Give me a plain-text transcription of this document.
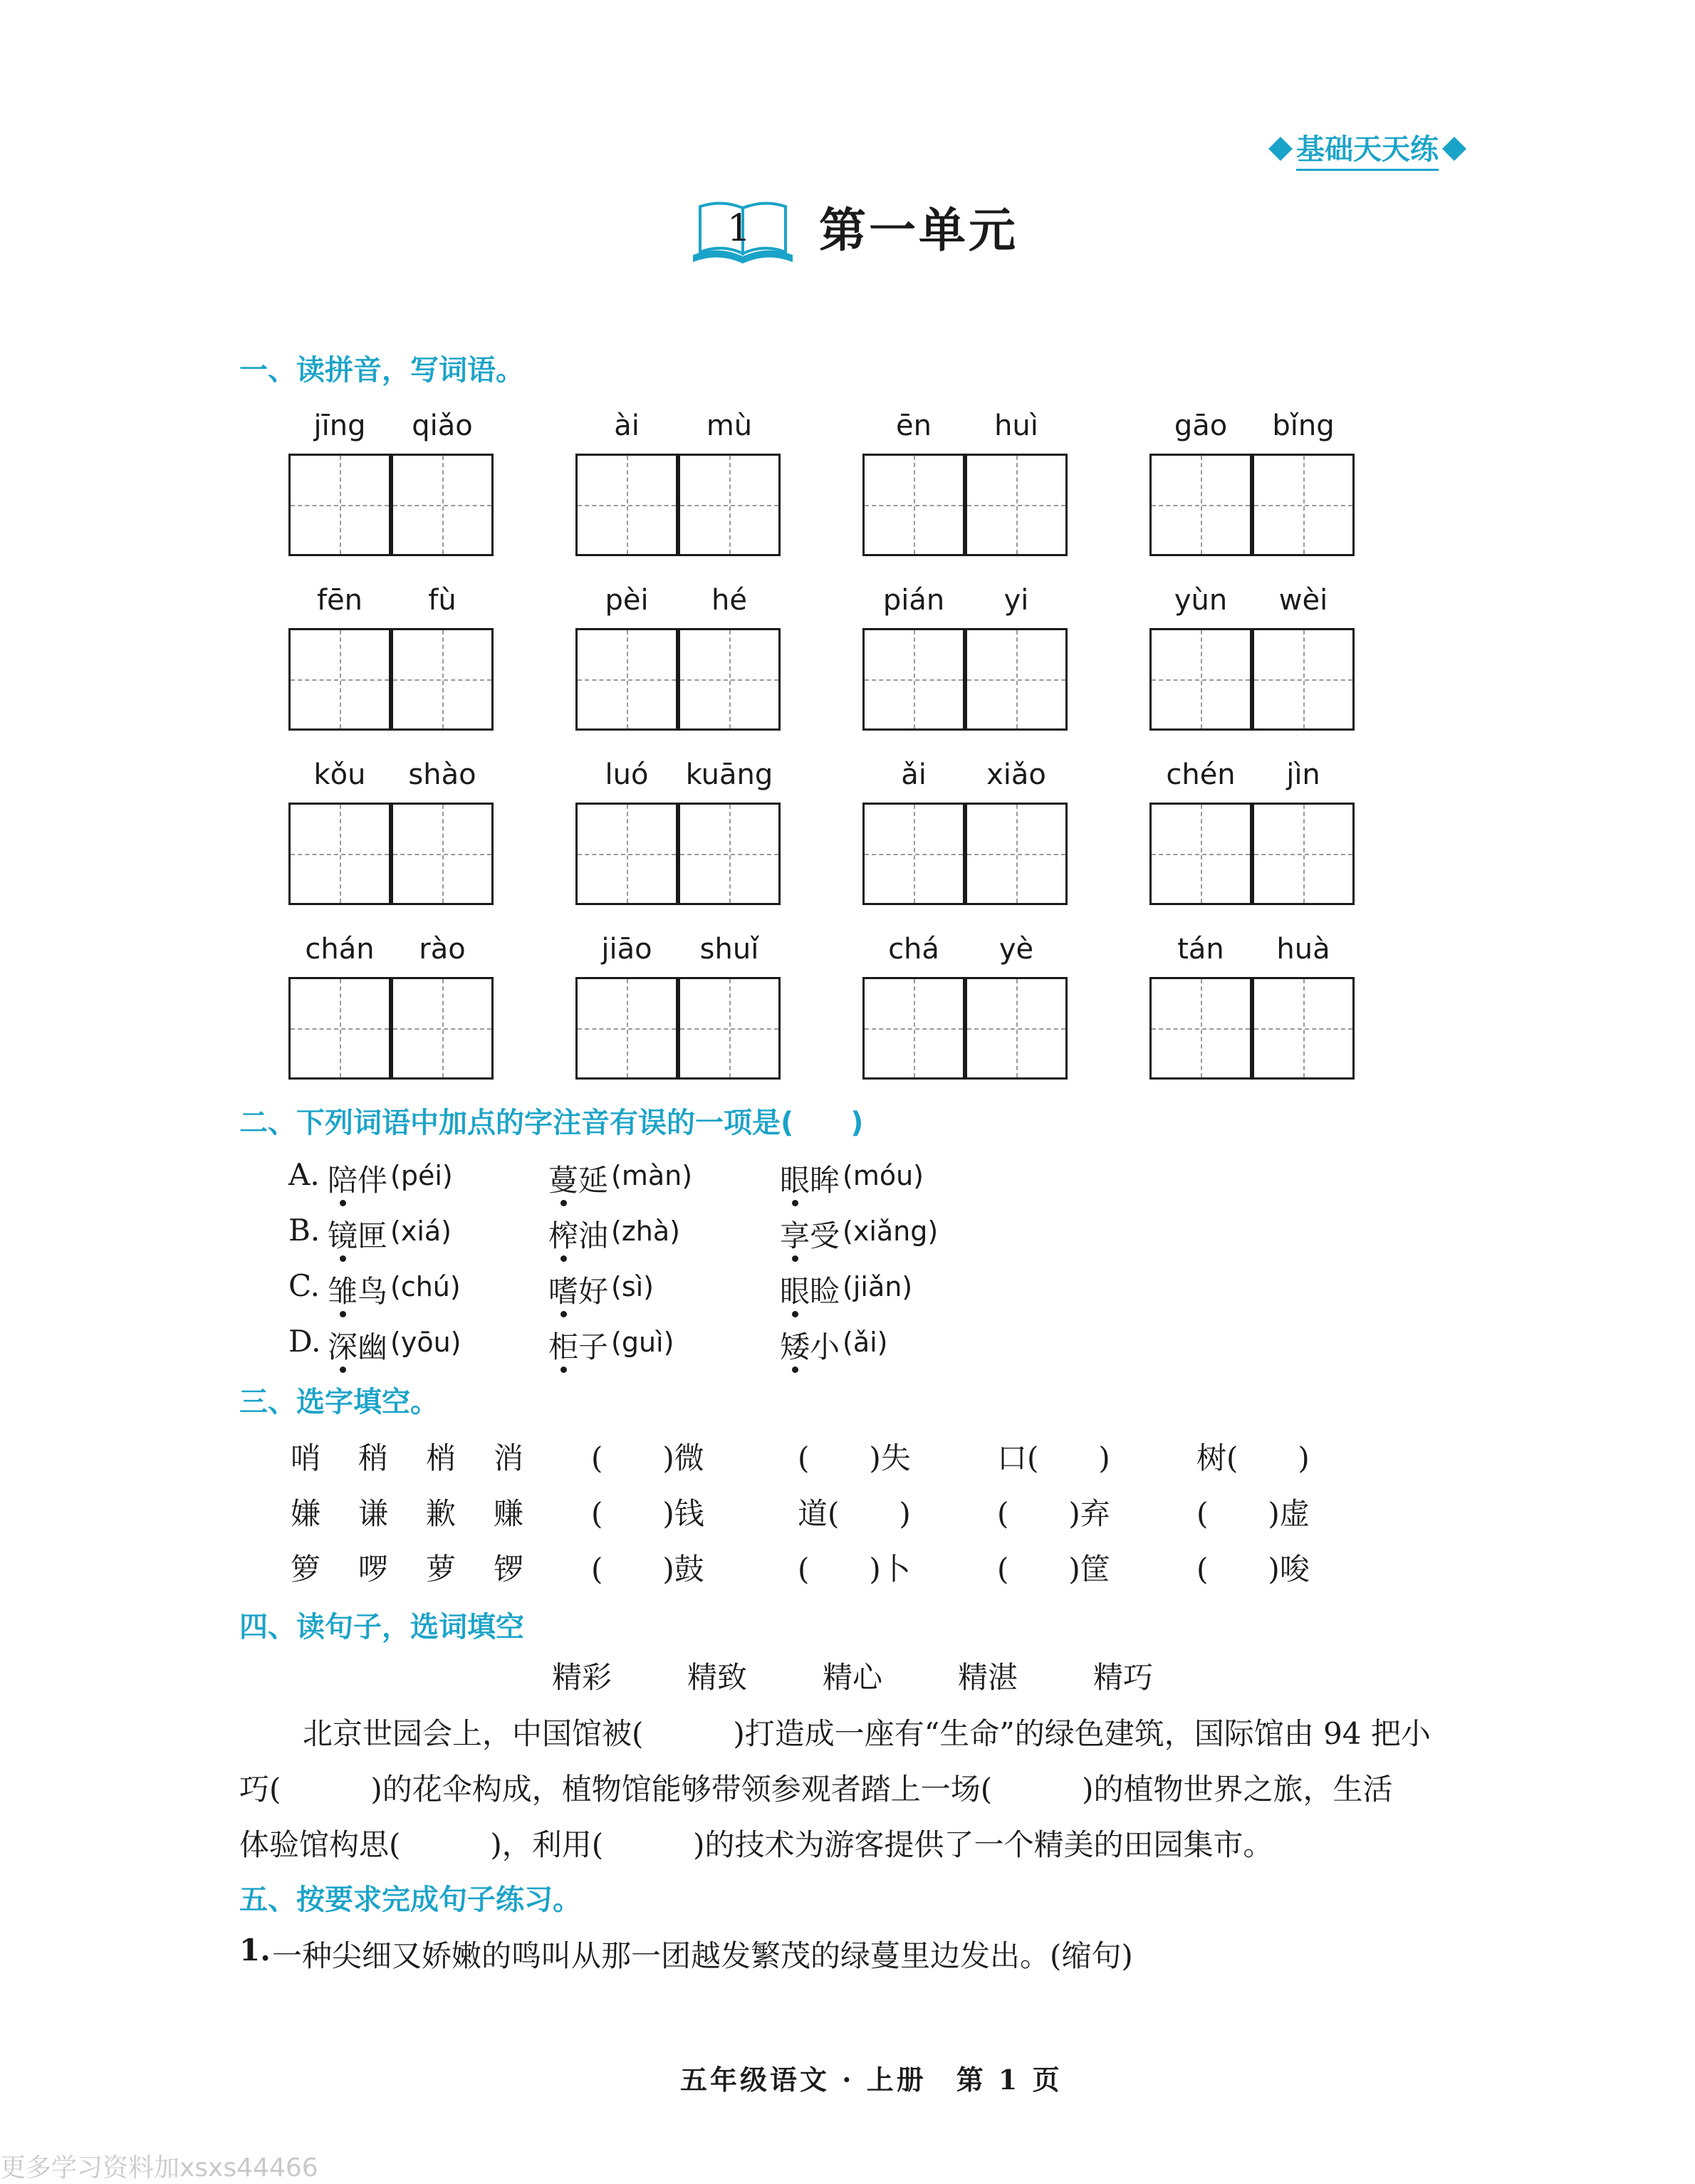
基础天天练
1 第一单元
一、读拼音，写词语。
jīng	qiǎo	ài	mù	ēn	huì	gāo	bǐng
fēn	fù	pèi	hé	pián	yi	yùn	wèi
kǒu	shào	luó	kuāng	ǎi	xiǎo	chén	jìn
chán	rào	jiāo	shuǐ	chá	yè	tán	huà
二、下列词语中加点的字注音有误的一项是(　　)
A. 陪伴 (péi)	蔓延 (màn)	眼眸 (móu)
B. 镜匣 (xiá)	榨油 (zhà)	享受 (xiǎng)
C. 雏鸟 (chú)	嗜好 (sì)	眼睑 (jiǎn)
D. 深幽 (yōu)	柜子 (guì)	矮小 (ǎi)
三、选字填空。
哨 稍 梢 消 (　　)微	(　　)失	口(　　)	树(　　)
嫌 谦 歉 赚 (　　)钱	道(　　)	(　　)弃	(　　)虚
箩 啰 萝 锣 (　　)鼓	(　　)卜	(　　)筐	(　　)唆
四、读句子，选词填空
精彩	精致	精心	精湛	精巧
北京世园会上，中国馆被(　　　)打造成一座有“生命”的绿色建筑，国际馆由 94 把小
巧(　　　)的花伞构成，植物馆能够带领参观者踏上一场(　　　)的植物世界之旅，生活
体验馆构思(　　　)，利用(　　　)的技术为游客提供了一个精美的田园集市。
五、按要求完成句子练习。
1. 一种尖细又娇嫩的鸣叫从那一团越发繁茂的绿蔓里边发出。(缩句)
五年级语文 · 上册　第 1 页
更多学习资料加xsxs44466
